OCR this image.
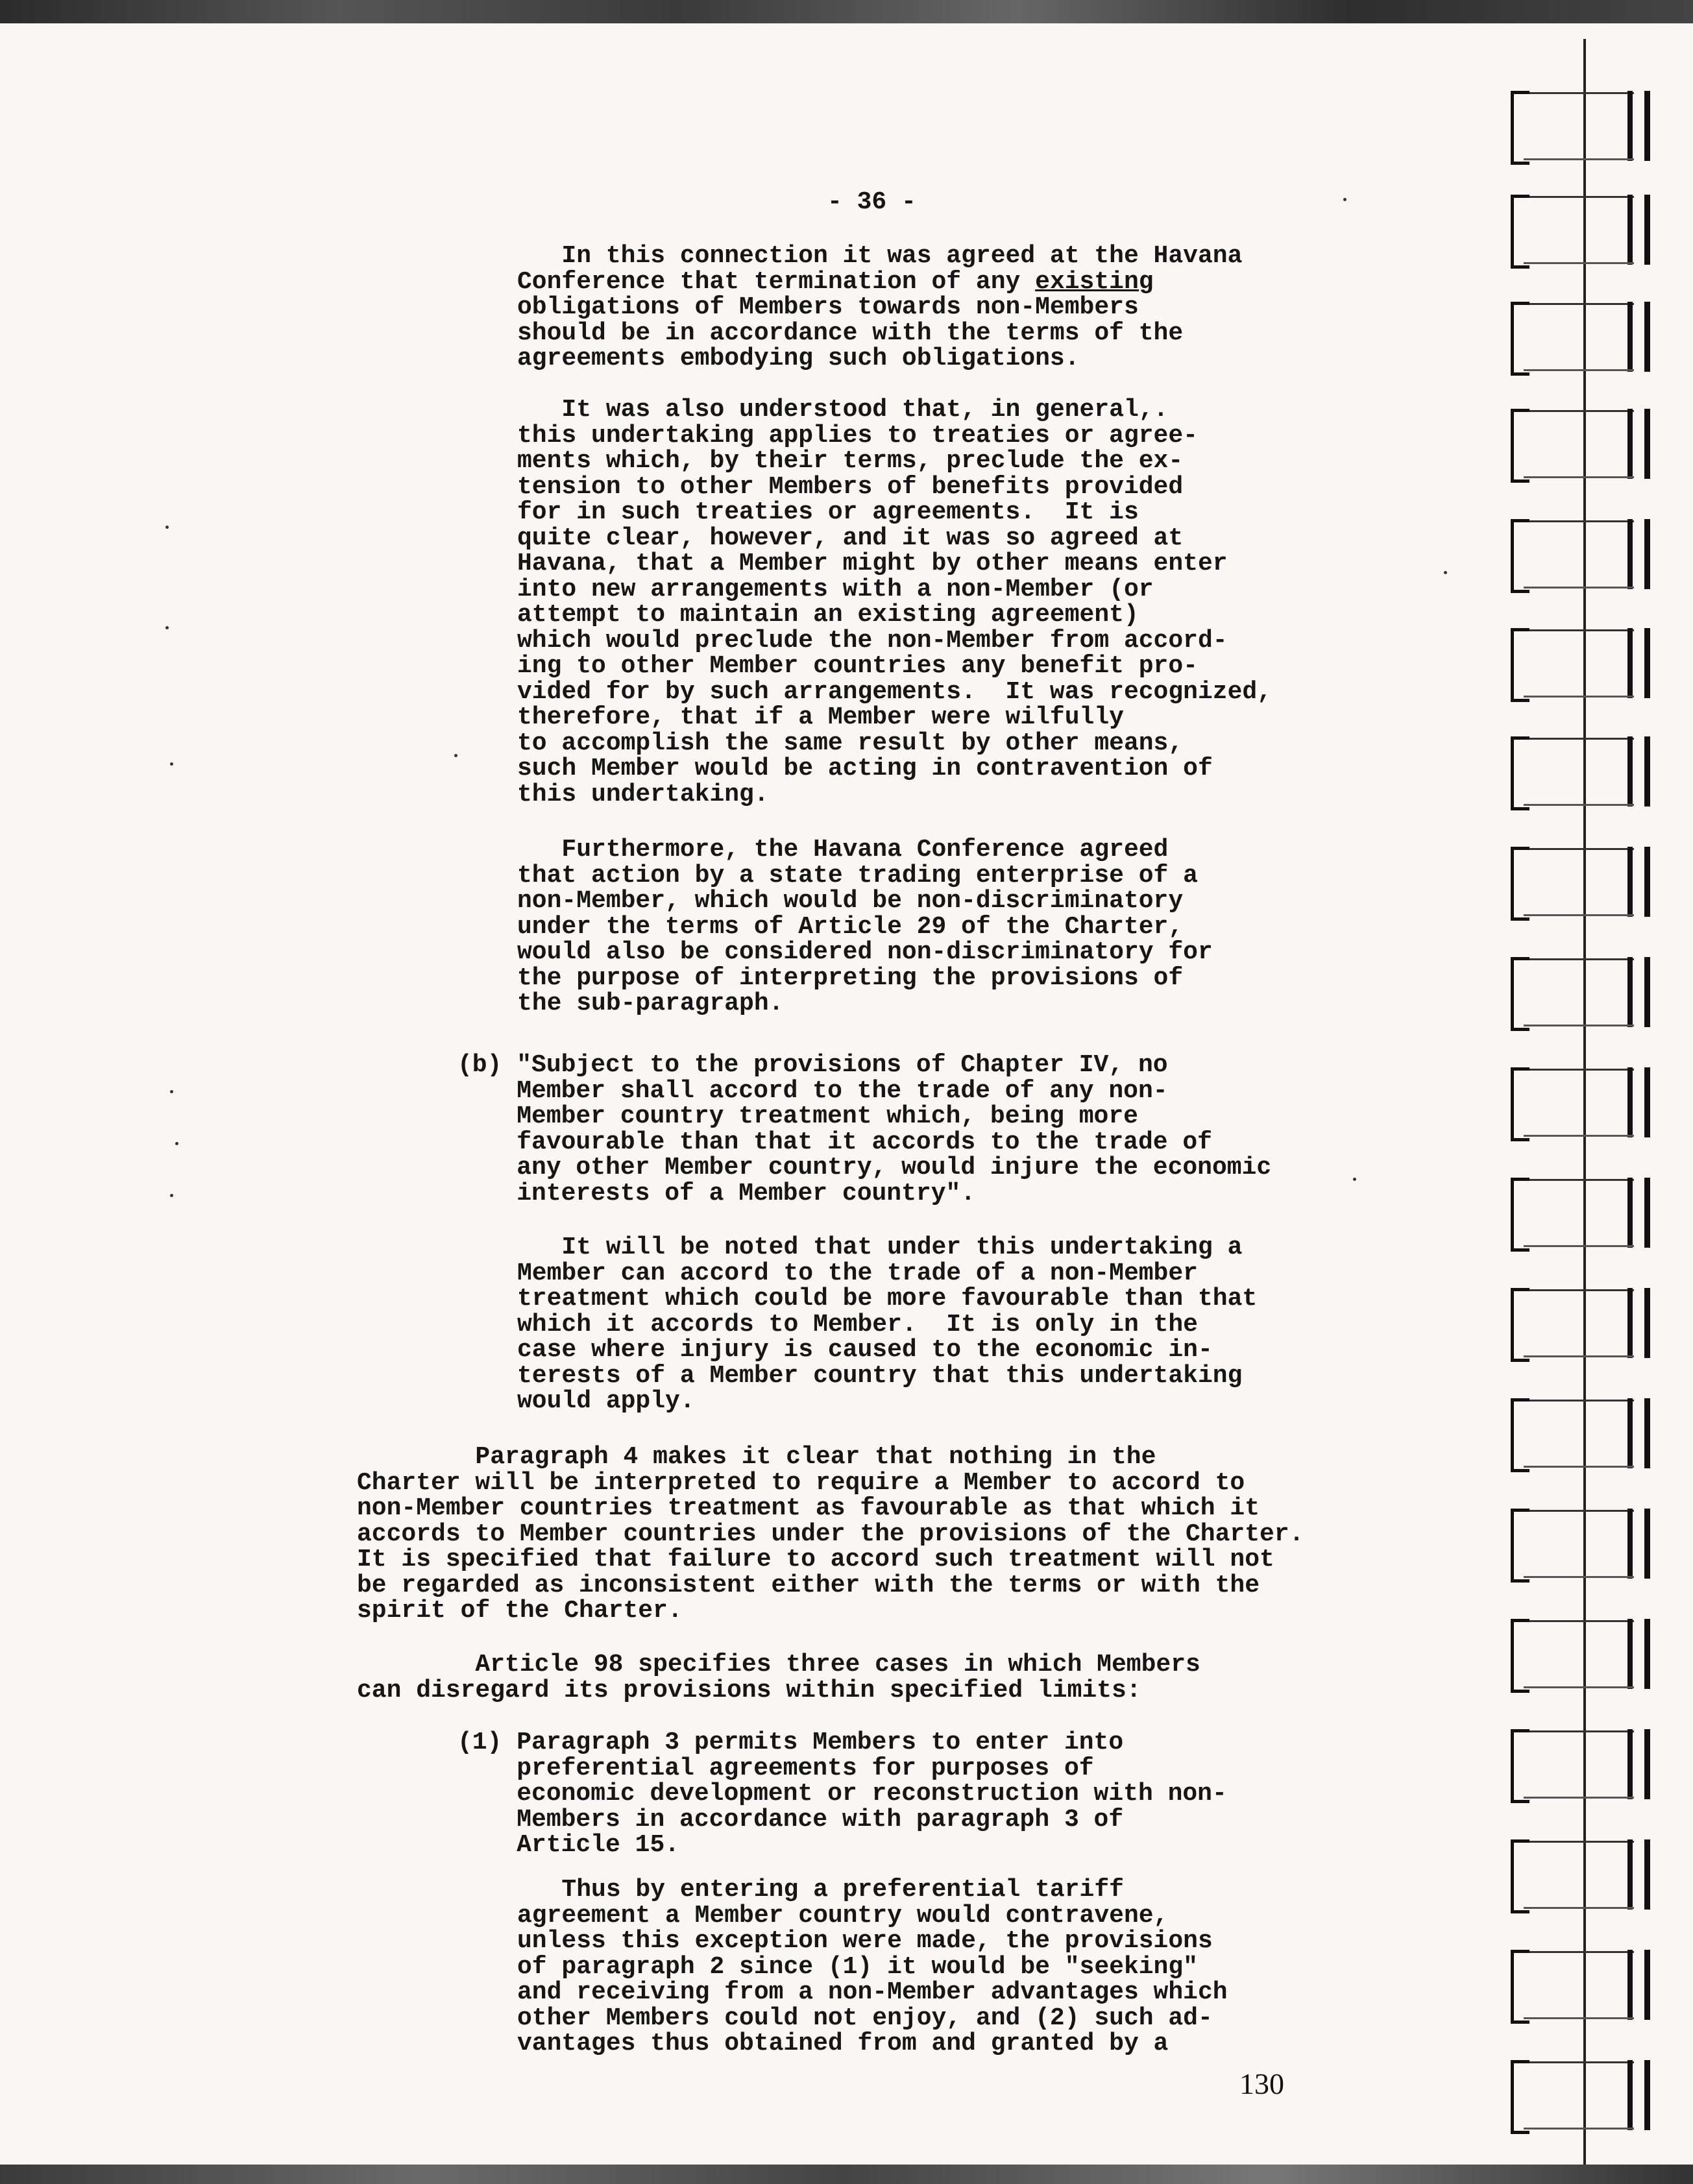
- 36 -
In this connection it was agreed at the Havana
Conference that termination of any existing
obligations of Members towards non-Members
should be in accordance with the terms of the
agreements embodying such obligations.
It was also understood that, in general,.
this undertaking applies to treaties or agree-
ments which, by their terms, preclude the ex-
tension to other Members of benefits provided
for in such treaties or agreements.  It is
quite clear, however, and it was so agreed at
Havana, that a Member might by other means enter
into new arrangements with a non-Member (or
attempt to maintain an existing agreement)
which would preclude the non-Member from accord-
ing to other Member countries any benefit pro-
vided for by such arrangements.  It was recognized,
therefore, that if a Member were wilfully
to accomplish the same result by other means,
such Member would be acting in contravention of
this undertaking.
Furthermore, the Havana Conference agreed
that action by a state trading enterprise of a
non-Member, which would be non-discriminatory
under the terms of Article 29 of the Charter,
would also be considered non-discriminatory for
the purpose of interpreting the provisions of
the sub-paragraph.
(b) "Subject to the provisions of Chapter IV, no
Member shall accord to the trade of any non-
Member country treatment which, being more
favourable than that it accords to the trade of
any other Member country, would injure the economic
interests of a Member country".
It will be noted that under this undertaking a
Member can accord to the trade of a non-Member
treatment which could be more favourable than that
which it accords to Member.  It is only in the
case where injury is caused to the economic in-
terests of a Member country that this undertaking
would apply.
Paragraph 4 makes it clear that nothing in the
Charter will be interpreted to require a Member to accord to
non-Member countries treatment as favourable as that which it
accords to Member countries under the provisions of the Charter.
It is specified that failure to accord such treatment will not
be regarded as inconsistent either with the terms or with the
spirit of the Charter.
Article 98 specifies three cases in which Members
can disregard its provisions within specified limits:
(1) Paragraph 3 permits Members to enter into
preferential agreements for purposes of
economic development or reconstruction with non-
Members in accordance with paragraph 3 of
Article 15.
Thus by entering a preferential tariff
agreement a Member country would contravene,
unless this exception were made, the provisions
of paragraph 2 since (1) it would be "seeking"
and receiving from a non-Member advantages which
other Members could not enjoy, and (2) such ad-
vantages thus obtained from and granted by a
130
